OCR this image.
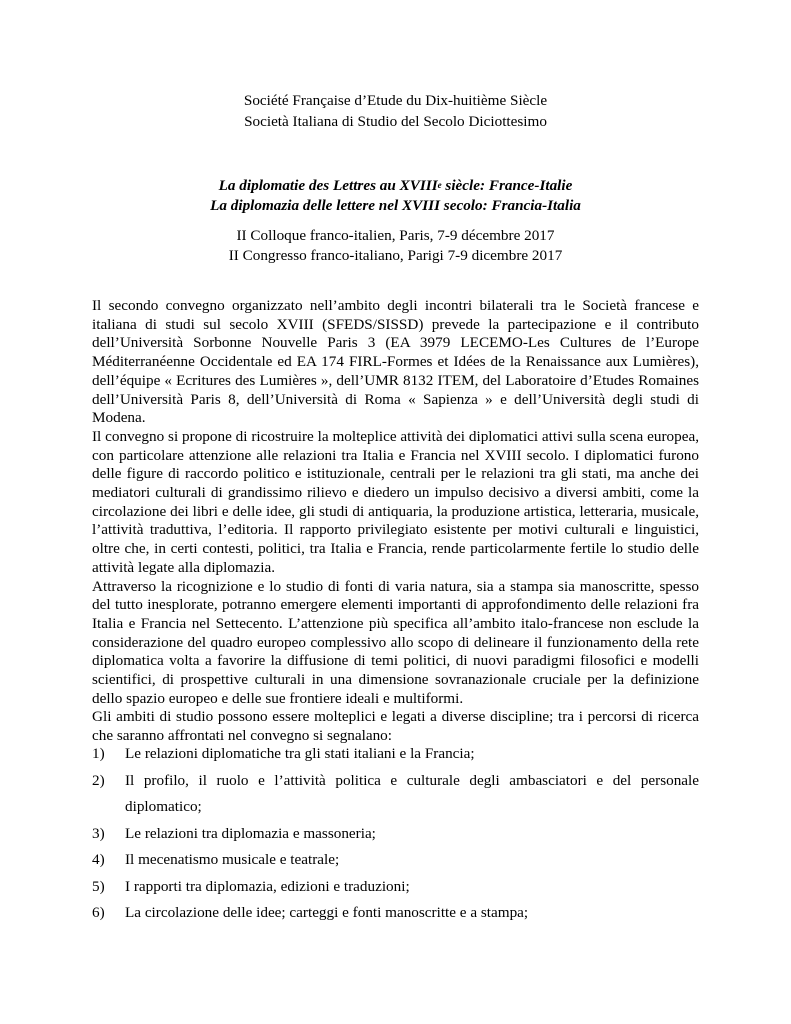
Société Française d’Etude du Dix-huitième Siècle
Società Italiana di Studio del Secolo Diciottesimo
La diplomatie des Lettres au XVIIIe siècle: France-Italie
La diplomazia delle lettere nel XVIII secolo: Francia-Italia
II Colloque franco-italien, Paris, 7-9 décembre 2017
II Congresso franco-italiano, Parigi 7-9 dicembre 2017

Il secondo convegno organizzato nell’ambito degli incontri bilaterali tra le Società francese e italiana di studi sul secolo XVIII (SFEDS/SISSD) prevede la partecipazione e il contributo dell’Università Sorbonne Nouvelle Paris 3 (EA 3979 LECEMO-Les Cultures de l’Europe Méditerranéenne Occidentale ed EA 174 FIRL-Formes et Idées de la Renaissance aux Lumières), dell’équipe « Ecritures des Lumières », dell’UMR 8132 ITEM, del Laboratoire d’Etudes Romaines dell’Università Paris 8, dell’Università di Roma « Sapienza » e dell’Università degli studi di Modena.

Il convegno si propone di ricostruire la molteplice attività dei diplomatici attivi sulla scena europea, con particolare attenzione alle relazioni tra Italia e Francia nel XVIII secolo. I diplomatici furono delle figure di raccordo politico e istituzionale, centrali per le relazioni tra gli stati, ma anche dei mediatori culturali di grandissimo rilievo e diedero un impulso decisivo a diversi ambiti, come la circolazione dei libri e delle idee, gli studi di antiquaria, la produzione artistica, letteraria, musicale, l’attività traduttiva, l’editoria. Il rapporto privilegiato esistente per motivi culturali e linguistici, oltre che, in certi contesti, politici, tra Italia e Francia, rende particolarmente fertile lo studio delle attività legate alla diplomazia.

Attraverso la ricognizione e lo studio di fonti di varia natura, sia a stampa sia manoscritte, spesso del tutto inesplorate, potranno emergere elementi importanti di approfondimento delle relazioni fra Italia e Francia nel Settecento. L’attenzione più specifica all’ambito italo-francese non esclude la considerazione del quadro europeo complessivo allo scopo di delineare il funzionamento della rete diplomatica volta a favorire la diffusione di temi politici, di nuovi paradigmi filosofici e modelli scientifici, di prospettive culturali in una dimensione sovranazionale cruciale per la definizione dello spazio europeo e delle sue frontiere ideali e multiformi.

Gli ambiti di studio possono essere molteplici e legati a diverse discipline; tra i percorsi di ricerca che saranno affrontati nel convegno si segnalano:

1) Le relazioni diplomatiche tra gli stati italiani e la Francia;
2) Il profilo, il ruolo e l’attività politica e culturale degli ambasciatori e del personale diplomatico;
3) Le relazioni tra diplomazia e massoneria;
4) Il mecenatismo musicale e teatrale;
5) I rapporti tra diplomazia, edizioni e traduzioni;
6) La circolazione delle idee; carteggi e fonti manoscritte e a stampa;
